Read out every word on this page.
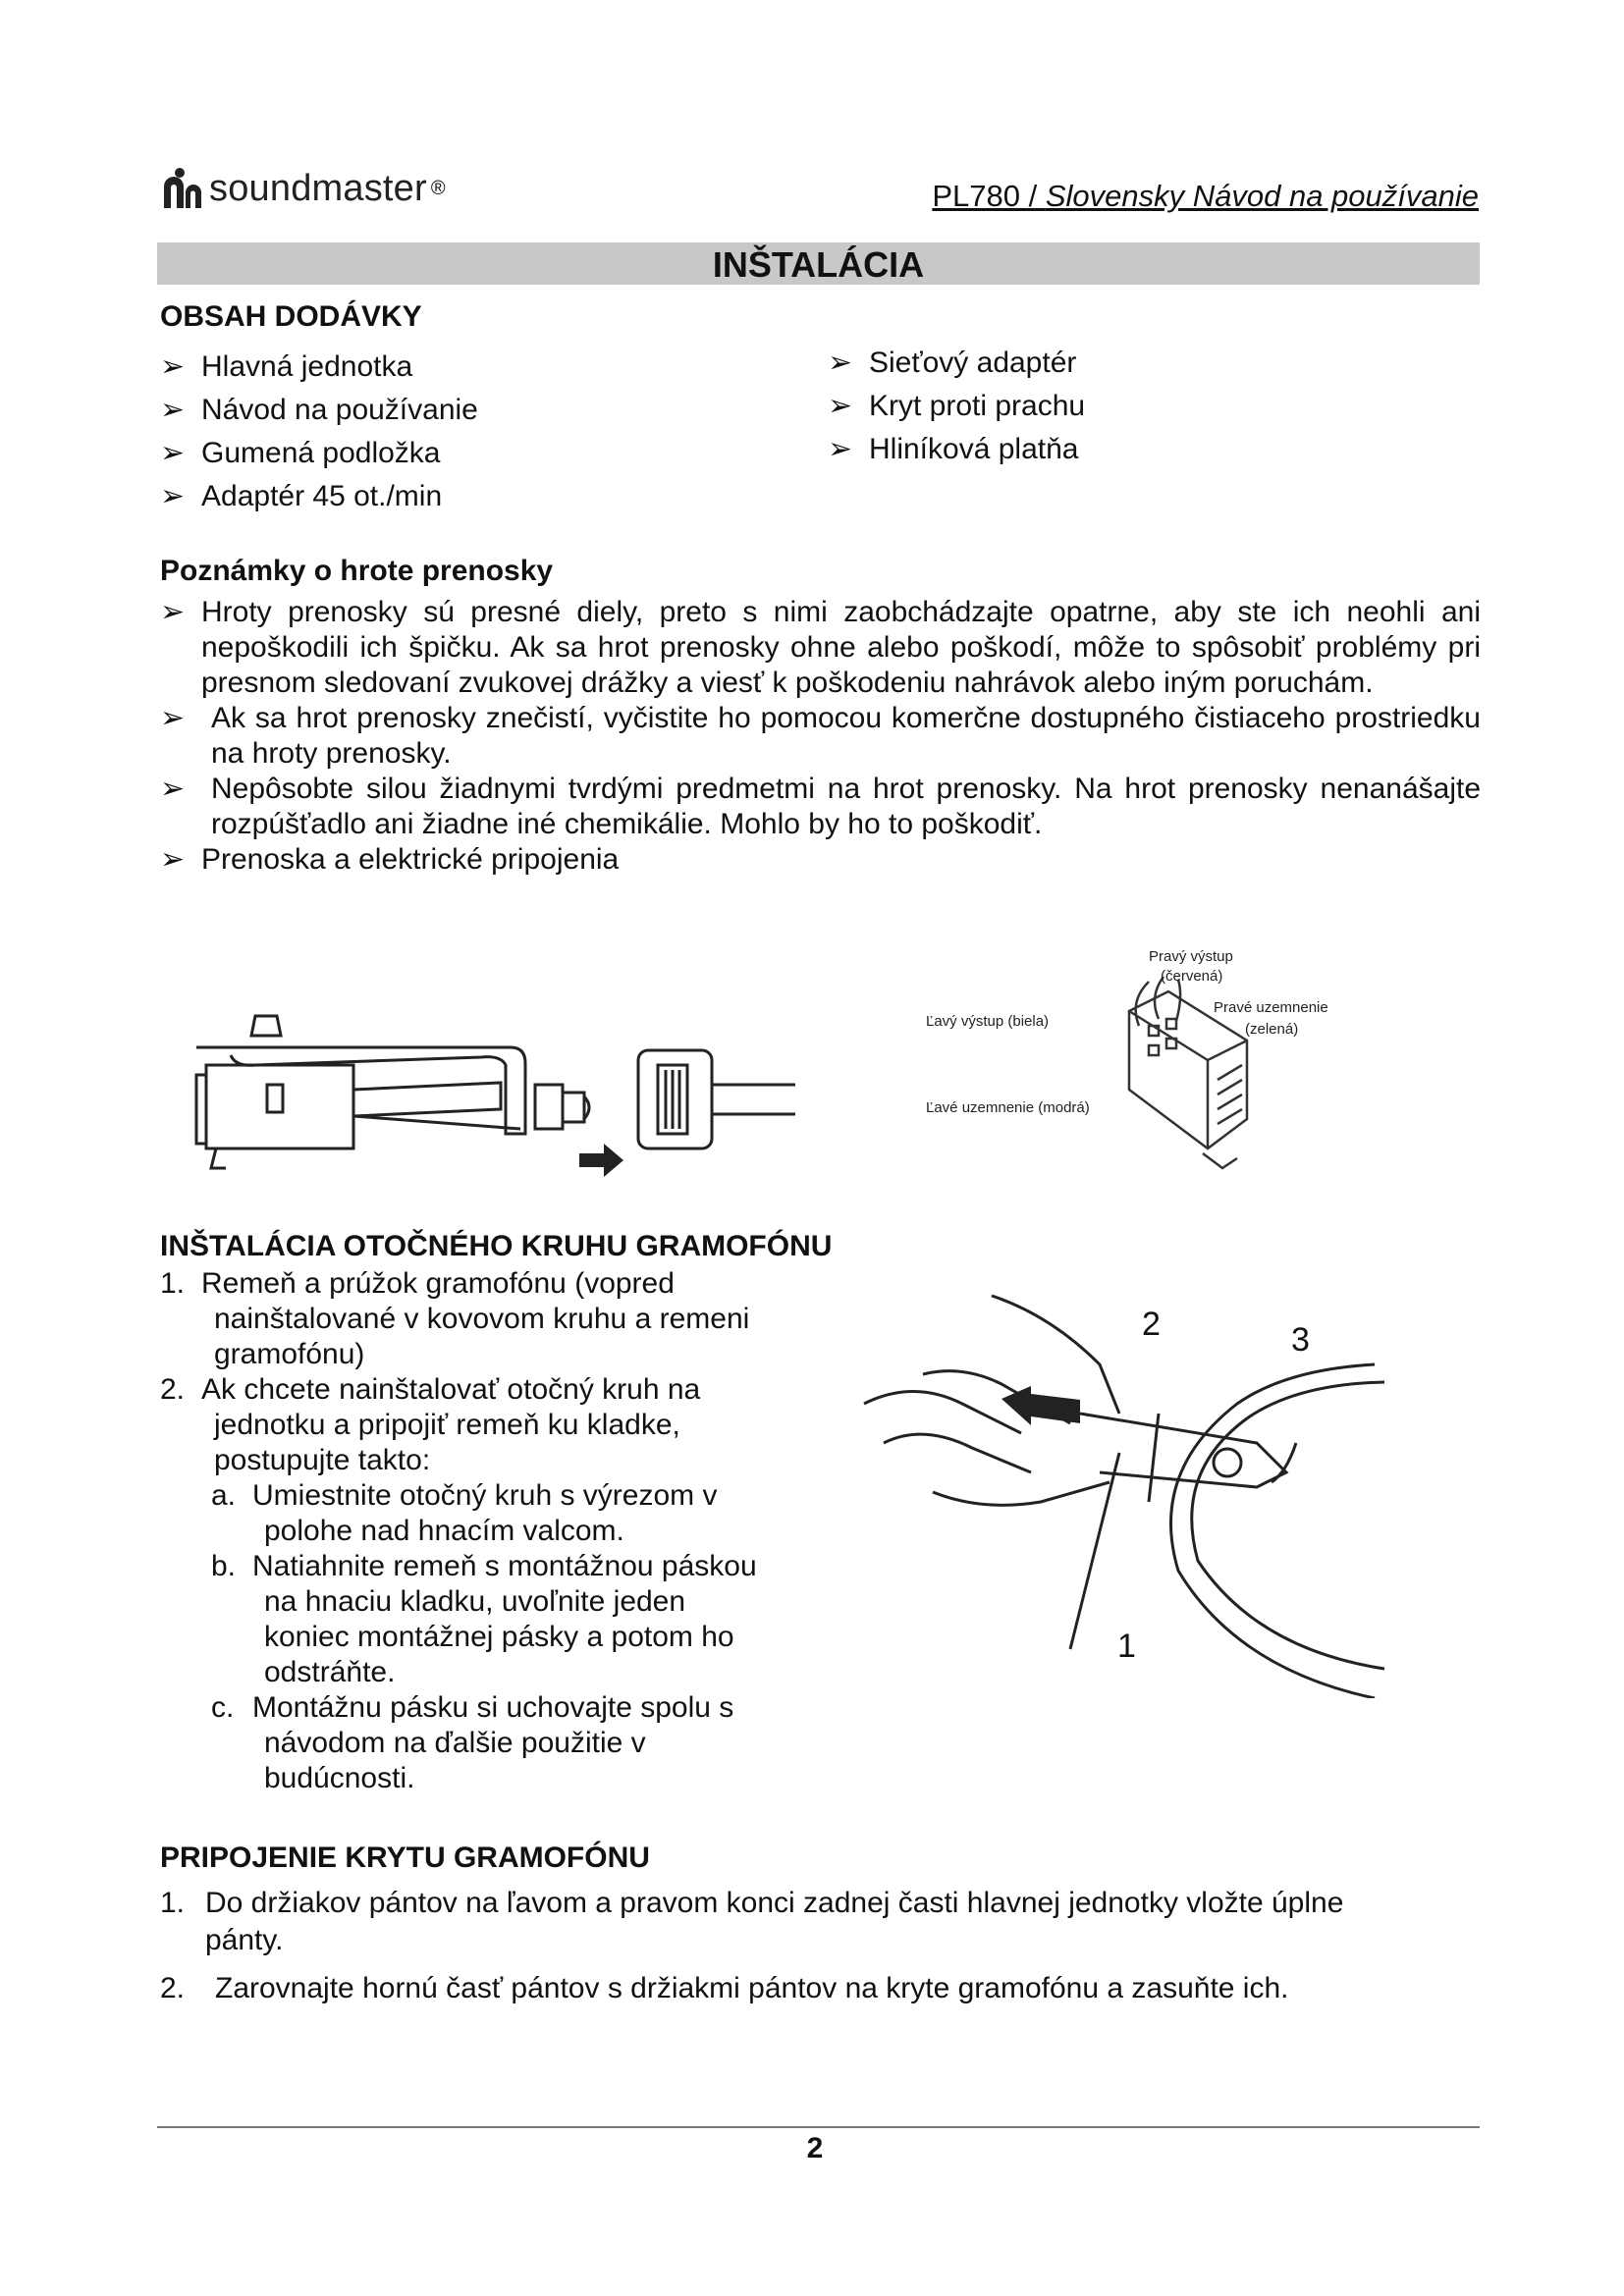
soundmaster ®	PL780 / Slovensky Návod na používanie
INŠTALÁCIA
OBSAH DODÁVKY
➢ Hlavná jednotka
➢ Návod na používanie
➢ Gumená podložka
➢ Adaptér 45 ot./min
➢ Sieťový adaptér
➢ Kryt proti prachu
➢ Hliníková platňa
Poznámky o hrote prenosky
➢ Hroty prenosky sú presné diely, preto s nimi zaobchádzajte opatrne, aby ste ich neohli ani nepoškodili ich špičku. Ak sa hrot prenosky ohne alebo poškodí, môže to spôsobiť problémy pri presnom sledovaní zvukovej drážky a viesť k poškodeniu nahrávok alebo iným poruchám.
➢ Ak sa hrot prenosky znečistí, vyčistite ho pomocou komerčne dostupného čistiaceho prostriedku na hroty prenosky.
➢ Nepôsobte silou žiadnymi tvrdými predmetmi na hrot prenosky. Na hrot prenosky nenanášajte rozpúšťadlo ani žiadne iné chemikálie. Mohlo by ho to poškodiť.
➢ Prenoska a elektrické pripojenia
Pravý výstup
(červená)
Pravé uzemnenie
(zelená)
Ľavý výstup (biela)
Ľavé uzemnenie (modrá)
INŠTALÁCIA OTOČNÉHO KRUHU GRAMOFÓNU
1. Remeň a prúžok gramofónu (vopred
nainštalované v kovovom kruhu a remeni
gramofónu)
2. Ak chcete nainštalovať otočný kruh na
jednotku a pripojiť remeň ku kladke,
postupujte takto:
a. Umiestnite otočný kruh s výrezom v
polohe nad hnacím valcom.
b. Natiahnite remeň s montážnou páskou
na hnaciu kladku, uvoľnite jeden
koniec montážnej pásky a potom ho
odstráňte.
c. Montážnu pásku si uchovajte spolu s
návodom na ďalšie použitie v
budúcnosti.
2	3
1
PRIPOJENIE KRYTU GRAMOFÓNU
1. Do držiakov pántov na ľavom a pravom konci zadnej časti hlavnej jednotky vložte úplne
pánty.
2.	Zarovnajte hornú časť pántov s držiakmi pántov na kryte gramofónu a zasuňte ich.
2
